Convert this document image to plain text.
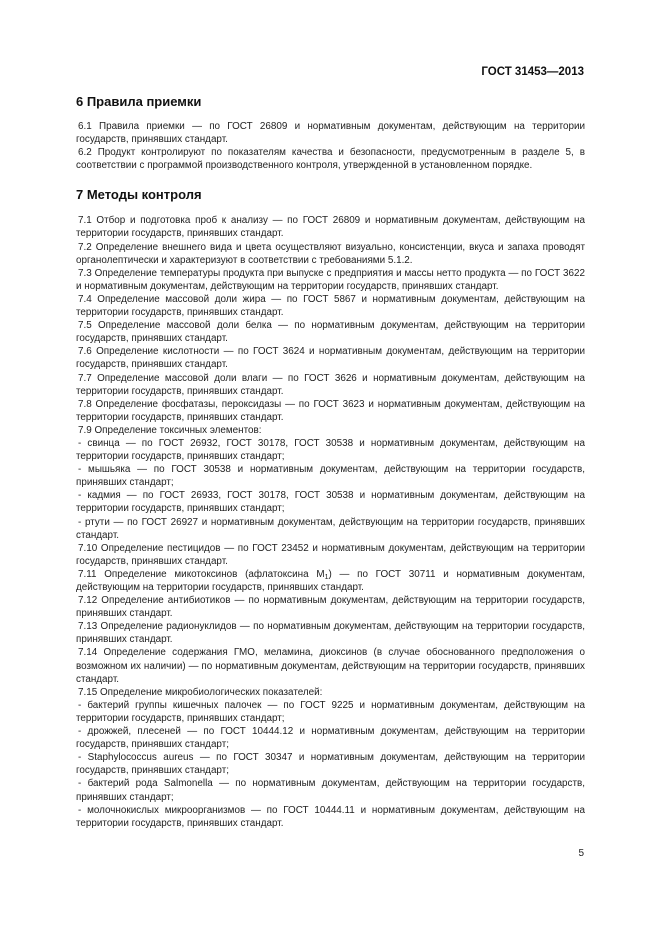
ГОСТ 31453—2013
6 Правила приемки

6.1 Правила приемки — по ГОСТ 26809 и нормативным документам, действующим на территории государств, принявших стандарт.

6.2 Продукт контролируют по показателям качества и безопасности, предусмотренным в разделе 5, в соответствии с программой производственного контроля, утвержденной в установленном порядке.

7 Методы контроля

7.1 Отбор и подготовка проб к анализу — по ГОСТ 26809 и нормативным документам, действующим на территории государств, принявших стандарт.

7.2 Определение внешнего вида и цвета осуществляют визуально, консистенции, вкуса и запаха проводят органолептически и характеризуют в соответствии с требованиями 5.1.2.

7.3 Определение температуры продукта при выпуске с предприятия и массы нетто продукта — по ГОСТ 3622 и нормативным документам, действующим на территории государств, принявших стандарт.

7.4 Определение массовой доли жира — по ГОСТ 5867 и нормативным документам, действующим на территории государств, принявших стандарт.

7.5 Определение массовой доли белка — по нормативным документам, действующим на территории государств, принявших стандарт.

7.6 Определение кислотности — по ГОСТ 3624 и нормативным документам, действующим на территории государств, принявших стандарт.

7.7 Определение массовой доли влаги — по ГОСТ 3626 и нормативным документам, действующим на территории государств, принявших стандарт.

7.8 Определение фосфатазы, пероксидазы — по ГОСТ 3623 и нормативным документам, действующим на территории государств, принявших стандарт.

7.9 Определение токсичных элементов:

- свинца — по ГОСТ 26932, ГОСТ 30178, ГОСТ 30538 и нормативным документам, действующим на территории государств, принявших стандарт;

- мышьяка — по ГОСТ 30538 и нормативным документам, действующим на территории государств, принявших стандарт;

- кадмия — по ГОСТ 26933, ГОСТ 30178, ГОСТ 30538 и нормативным документам, действующим на территории государств, принявших стандарт;

- ртути — по ГОСТ 26927 и нормативным документам, действующим на территории государств, принявших стандарт.

7.10 Определение пестицидов — по ГОСТ 23452 и нормативным документам, действующим на территории государств, принявших стандарт.

7.11 Определение микотоксинов (афлатоксина $M_1$) — по ГОСТ 30711 и нормативным документам, действующим на территории государств, принявших стандарт.

7.12 Определение антибиотиков — по нормативным документам, действующим на территории государств, принявших стандарт.

7.13 Определение радионуклидов — по нормативным документам, действующим на территории государств, принявших стандарт.

7.14 Определение содержания ГМО, меламина, диоксинов (в случае обоснованного предположения о возможном их наличии) — по нормативным документам, действующим на территории государств, принявших стандарт.

7.15 Определение микробиологических показателей:

- бактерий группы кишечных палочек — по ГОСТ 9225 и нормативным документам, действующим на территории государств, принявших стандарт;

- дрожжей, плесеней — по ГОСТ 10444.12 и нормативным документам, действующим на территории государств, принявших стандарт;

- Staphylococcus aureus — по ГОСТ 30347 и нормативным документам, действующим на территории государств, принявших стандарт;

- бактерий рода Salmonella — по нормативным документам, действующим на территории государств, принявших стандарт;

- молочнокислых микроорганизмов — по ГОСТ 10444.11 и нормативным документам, действующим на территории государств, принявших стандарт.

5
